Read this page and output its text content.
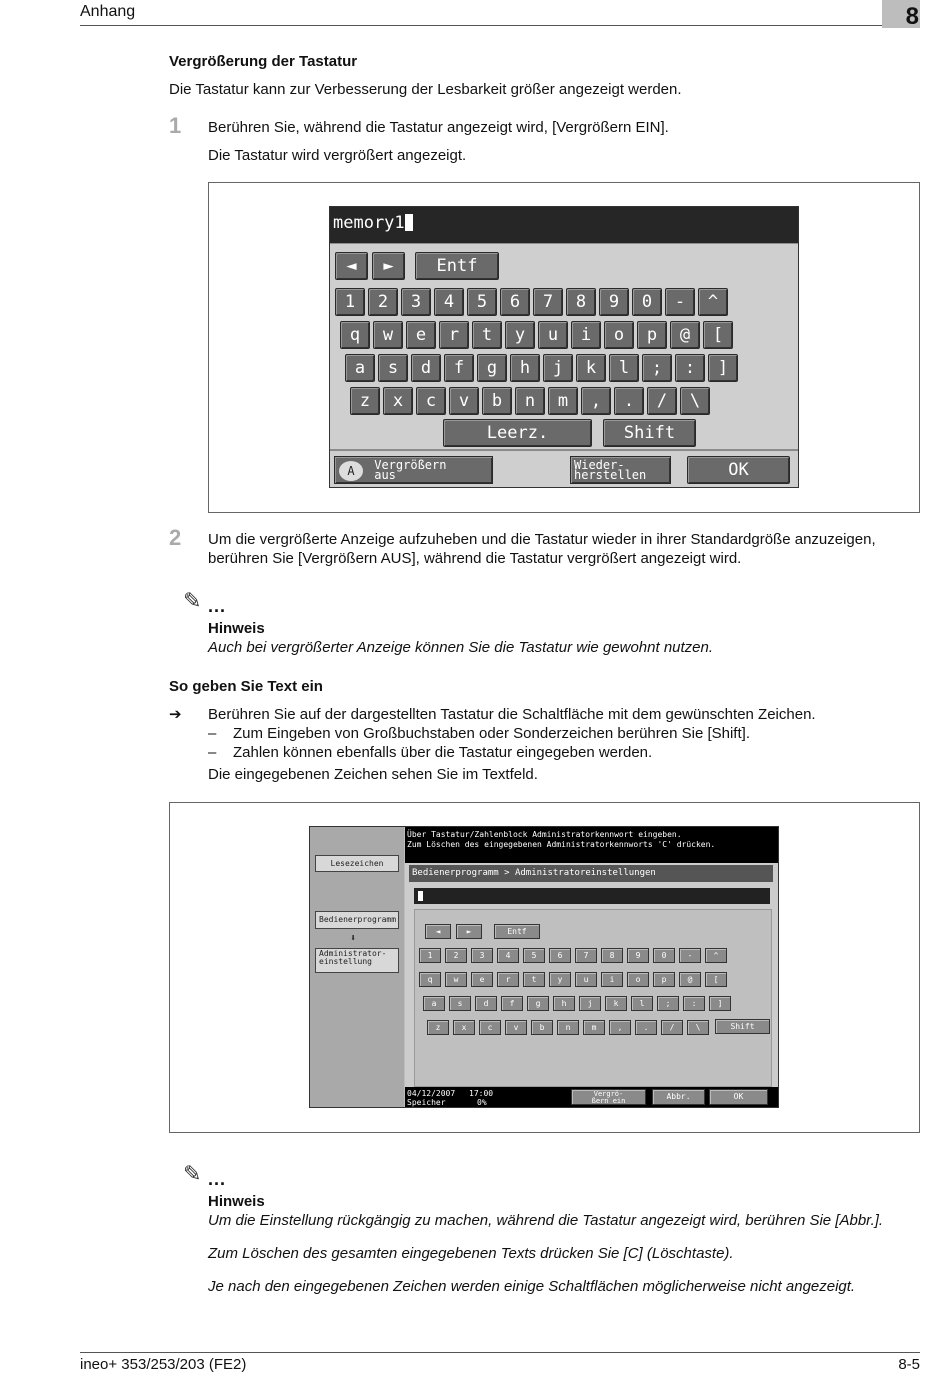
Anhang	8
Vergrößerung der Tastatur
Die Tastatur kann zur Verbesserung der Lesbarkeit größer angezeigt werden.
1 Berühren Sie, während die Tastatur angezeigt wird, [Vergrößern EIN].
Die Tastatur wird vergrößert angezeigt.
memory1
◄	►	Entf
1	2	3	4	5	6	7	8	9	0	-	^
q	w	e	r	t	y	u	i	o	p	@	[
a	s	d	f	g	h	j	k	l	;	:	]
z	x	c	v	b	n	m	,	.	/	\
Leerz.	Shift
A Vergrößern
aus
Wieder-
herstellen	OK
2 Um die vergrößerte Anzeige aufzuheben und die Tastatur wieder in ihrer Standardgröße anzuzeigen,
berühren Sie [Vergrößern AUS], während die Tastatur vergrößert angezeigt wird.
✎ ...
Hinweis
Auch bei vergrößerter Anzeige können Sie die Tastatur wie gewohnt nutzen.
So geben Sie Text ein
➔ Berühren Sie auf der dargestellten Tastatur die Schaltfläche mit dem gewünschten Zeichen.
– Zum Eingeben von Großbuchstaben oder Sonderzeichen berühren Sie [Shift].
– Zahlen können ebenfalls über die Tastatur eingegeben werden.
Die eingegebenen Zeichen sehen Sie im Textfeld.
Lesezeichen
Bedienerprogramm
⬇
Administrator-
einstellung
Über Tastatur/Zahlenblock Administratorkennwort eingeben.
Zum Löschen des eingegebenen Administratorkennworts 'C' drücken.
Bedienerprogramm > Administratoreinstellungen
◄	►	Entf
1	2	3	4	5	6	7	8	9	0	-	^
q	w	e	r	t	y	u	i	o	p	@	[
a	s	d	f	g	h	j	k	l	;	:	]
z	x	c	v	b	n	m	,	.	/	\	Shift
04/12/2007 17:00
Speicher	0%
Vergrö-
ßern ein	Abbr.	OK
✎ ...
Hinweis
Um die Einstellung rückgängig zu machen, während die Tastatur angezeigt wird, berühren Sie [Abbr.].
Zum Löschen des gesamten eingegebenen Texts drücken Sie [C] (Löschtaste).
Je nach den eingegebenen Zeichen werden einige Schaltflächen möglicherweise nicht angezeigt.
ineo+ 353/253/203 (FE2)	8-5
